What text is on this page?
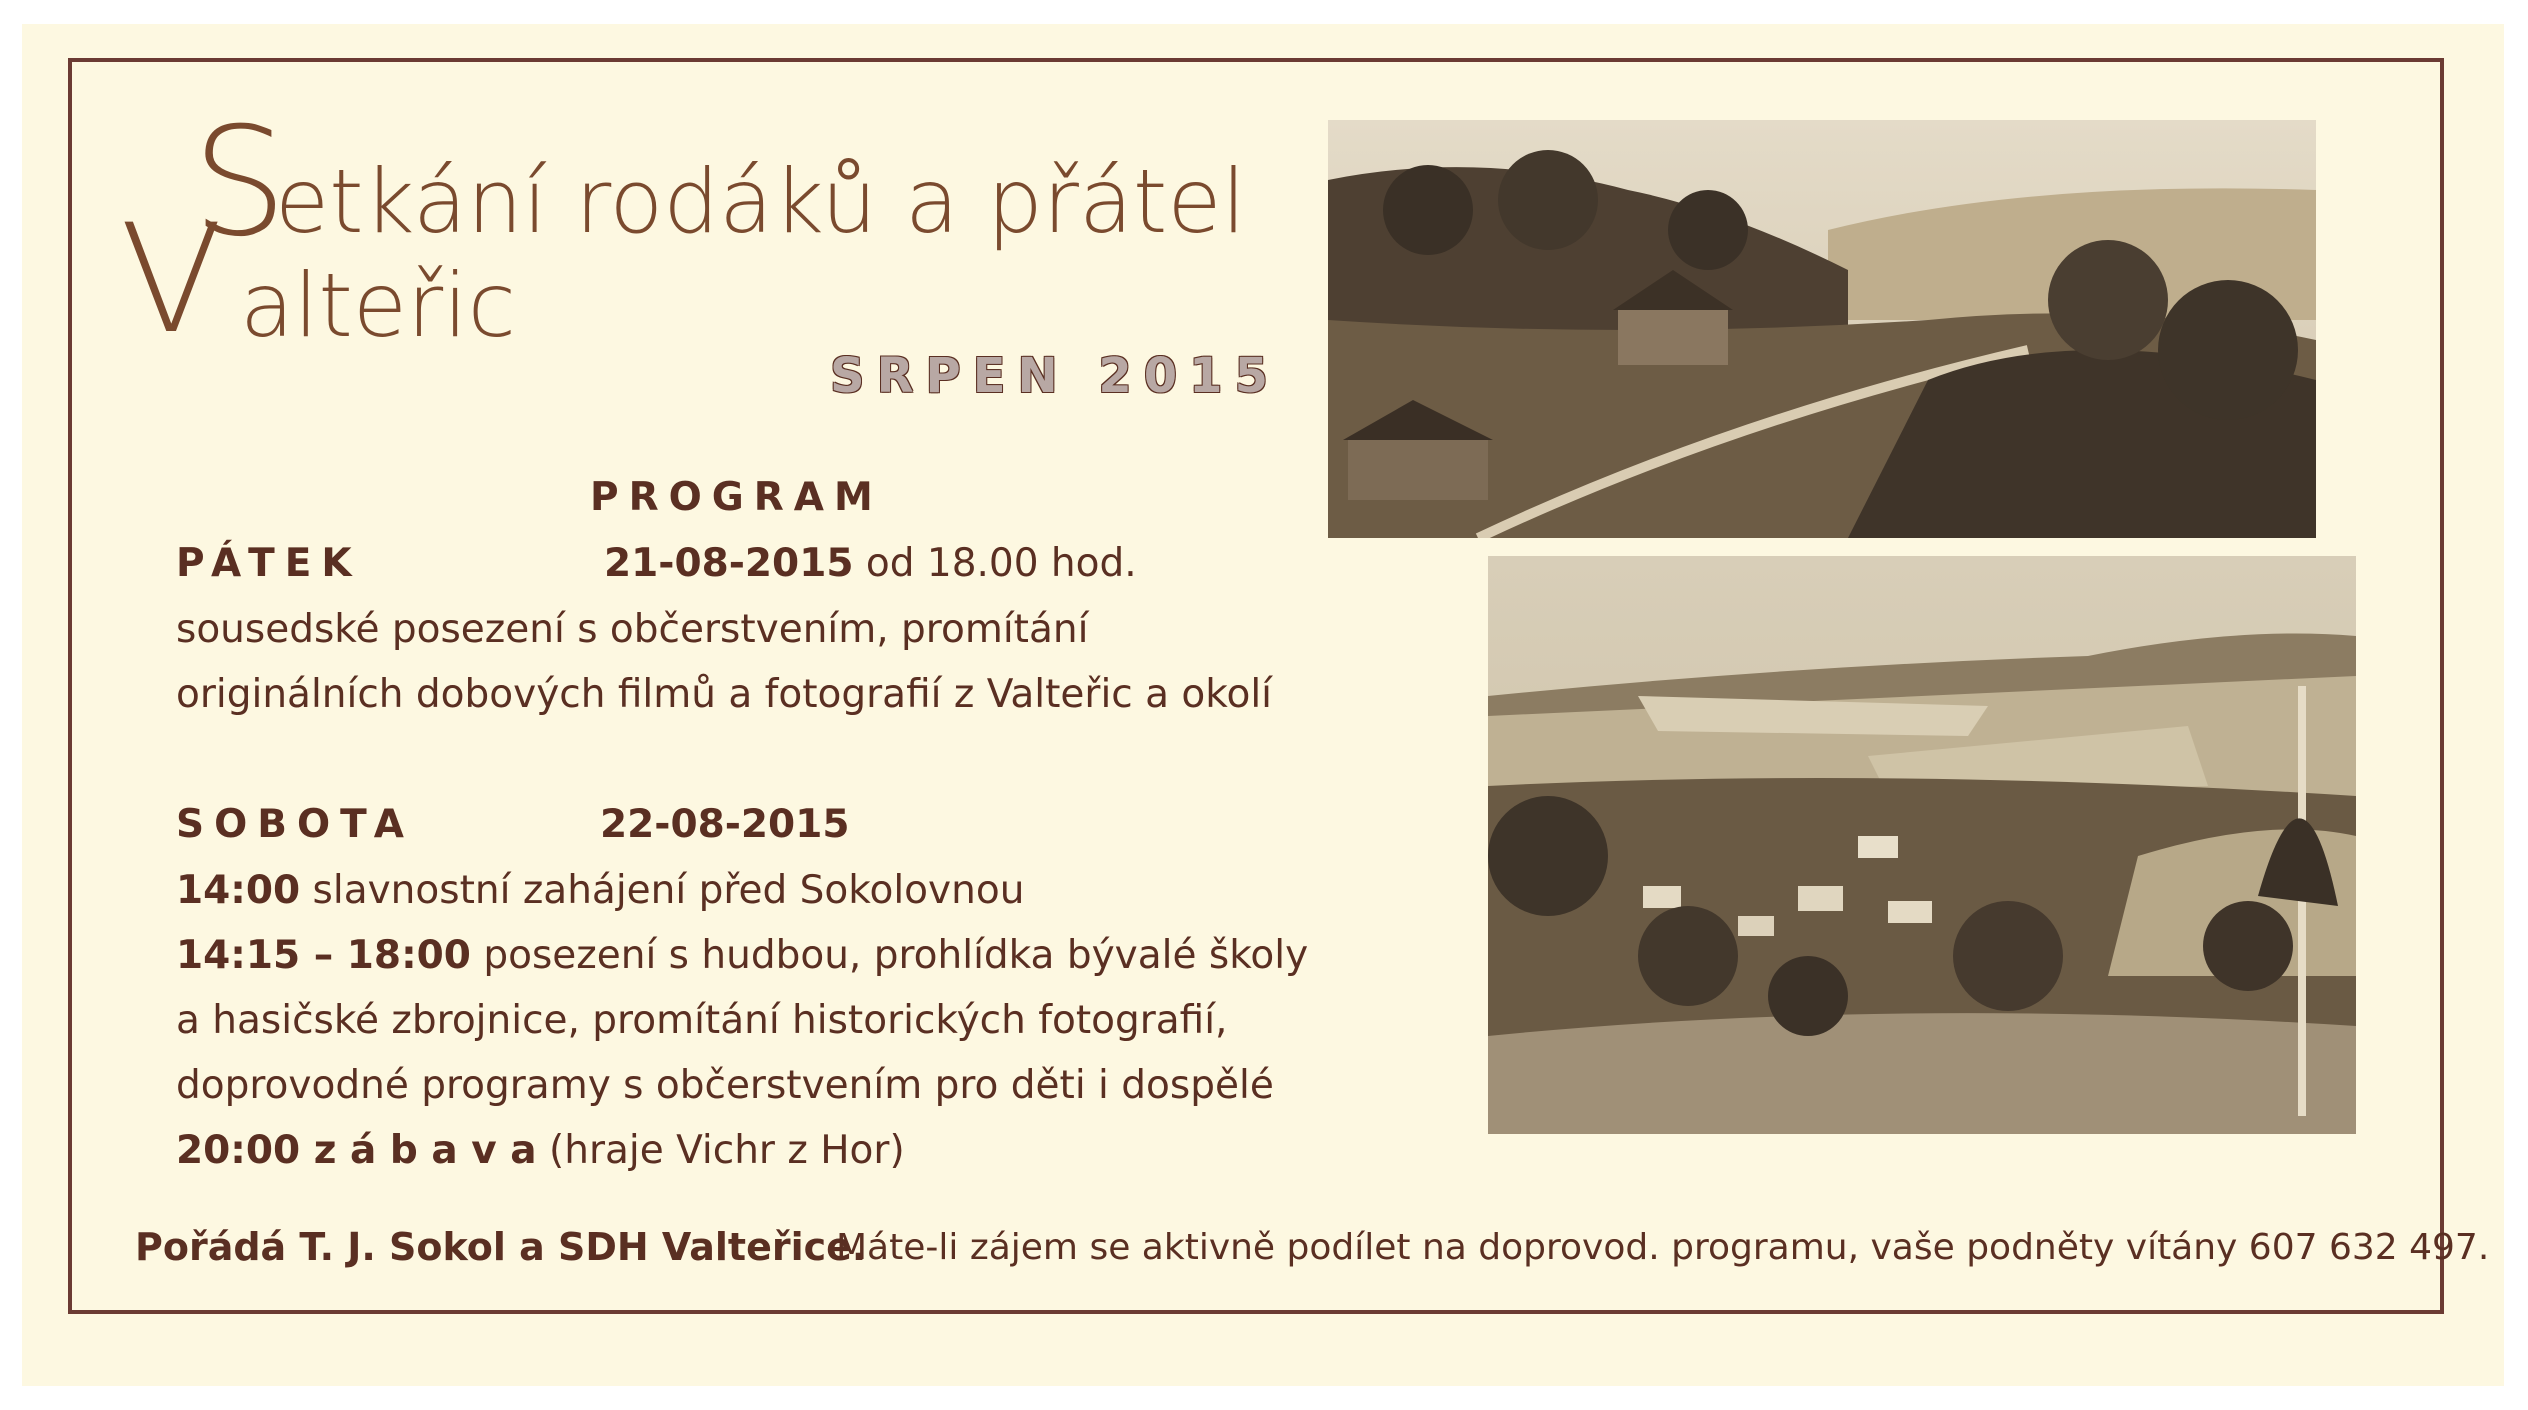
S
etkání rodáků a přátel
V alteřic
SRPEN 2015
PROGRAM
PÁTEK	21-08-2015 od 18.00 hod.
sousedské posezení s občerstvením, promítání
originálních dobových filmů a fotografií z Valteřic a okolí
SOBOTA	22-08-2015
14:00 slavnostní zahájení před Sokolovnou
14:15 – 18:00 posezení s hudbou, prohlídka bývalé školy
a hasičské zbrojnice, promítání historických fotografií,
doprovodné programy s občerstvením pro děti i dospělé
20:00 z á b a v a (hraje Vichr z Hor)
Pořádá T. J. Sokol a SDH Valteřice.
Máte-li zájem se aktivně podílet na doprovod. programu, vaše podněty vítány 607 632 497.
